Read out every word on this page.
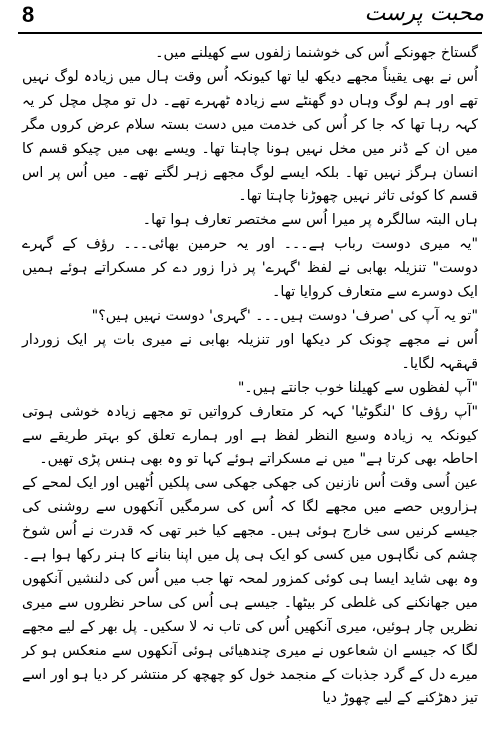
8	محبت پرست

گستاخ جھونکے اُس کی خوشنما زلفوں سے کھیلنے میں۔

اُس نے بھی یقیناً مجھے دیکھ لیا تھا کیونکہ اُس وقت ہال میں زیادہ لوگ نہیں تھے اور ہم لوگ وہاں دو گھنٹے سے زیادہ ٹھہرے تھے۔ دل تو مچل مچل کر یہ کہہ رہا تھا کہ جا کر اُس کی خدمت میں دست بستہ سلام عرض کروں مگر میں ان کے ڈنر میں مخل نہیں ہونا چاہتا تھا۔ ویسے بھی میں چیکو قسم کا انسان ہرگز نہیں تھا۔ بلکہ ایسے لوگ مجھے زہر لگتے تھے۔ میں اُس پر اس قسم کا کوئی تاثر نہیں چھوڑنا چاہتا تھا۔

ہاں البتہ سالگرہ پر میرا اُس سے مختصر تعارف ہوا تھا۔

"یہ میری دوست رباب ہے۔۔۔ اور یہ حرمین بھائی۔۔۔ رؤف کے گہرے دوست" تنزیلہ بھابی نے لفظ 'گہرے' پر ذرا زور دے کر مسکراتے ہوئے ہمیں ایک دوسرے سے متعارف کروایا تھا۔

"تو یہ آپ کی 'صرف' دوست ہیں۔۔۔ 'گہری' دوست نہیں ہیں؟"

اُس نے مجھے چونک کر دیکھا اور تنزیلہ بھابی نے میری بات پر ایک زوردار قہقہہ لگایا۔

"آپ لفظوں سے کھیلنا خوب جانتے ہیں۔"

"آپ رؤف کا 'لنگوٹیا' کہہ کر متعارف کرواتیں تو مجھے زیادہ خوشی ہوتی کیونکہ یہ زیادہ وسیع النظر لفظ ہے اور ہمارے تعلق کو بہتر طریقے سے احاطہ بھی کرتا ہے" میں نے مسکراتے ہوئے کہا تو وہ بھی ہنس پڑی تھیں۔

عین اُسی وقت اُس نازنین کی جھکی جھکی سی پلکیں اُٹھیں اور ایک لمحے کے ہزارویں حصے میں مجھے لگا کہ اُس کی سرمگیں آنکھوں سے روشنی کی جیسے کرنیں سی خارج ہوئی ہیں۔ مجھے کیا خبر تھی کہ قدرت نے اُس شوخ چشم کی نگاہوں میں کسی کو ایک ہی پل میں اپنا بنانے کا ہنر رکھا ہوا ہے۔ وہ بھی شاید ایسا ہی کوئی کمزور لمحہ تھا جب میں اُس کی دلنشیں آنکھوں میں جھانکنے کی غلطی کر بیٹھا۔ جیسے ہی اُس کی ساحر نظروں سے میری نظریں چار ہوئیں، میری آنکھیں اُس کی تاب نہ لا سکیں۔ پل بھر کے لیے مجھے لگا کہ جیسے ان شعاعوں نے میری چندھیائی ہوئی آنکھوں سے منعکس ہو کر میرے دل کے گرد جذبات کے منجمد خول کو چھچھ کر منتشر کر دیا ہو اور اسے تیز دھڑکنے کے لیے چھوڑ دیا
